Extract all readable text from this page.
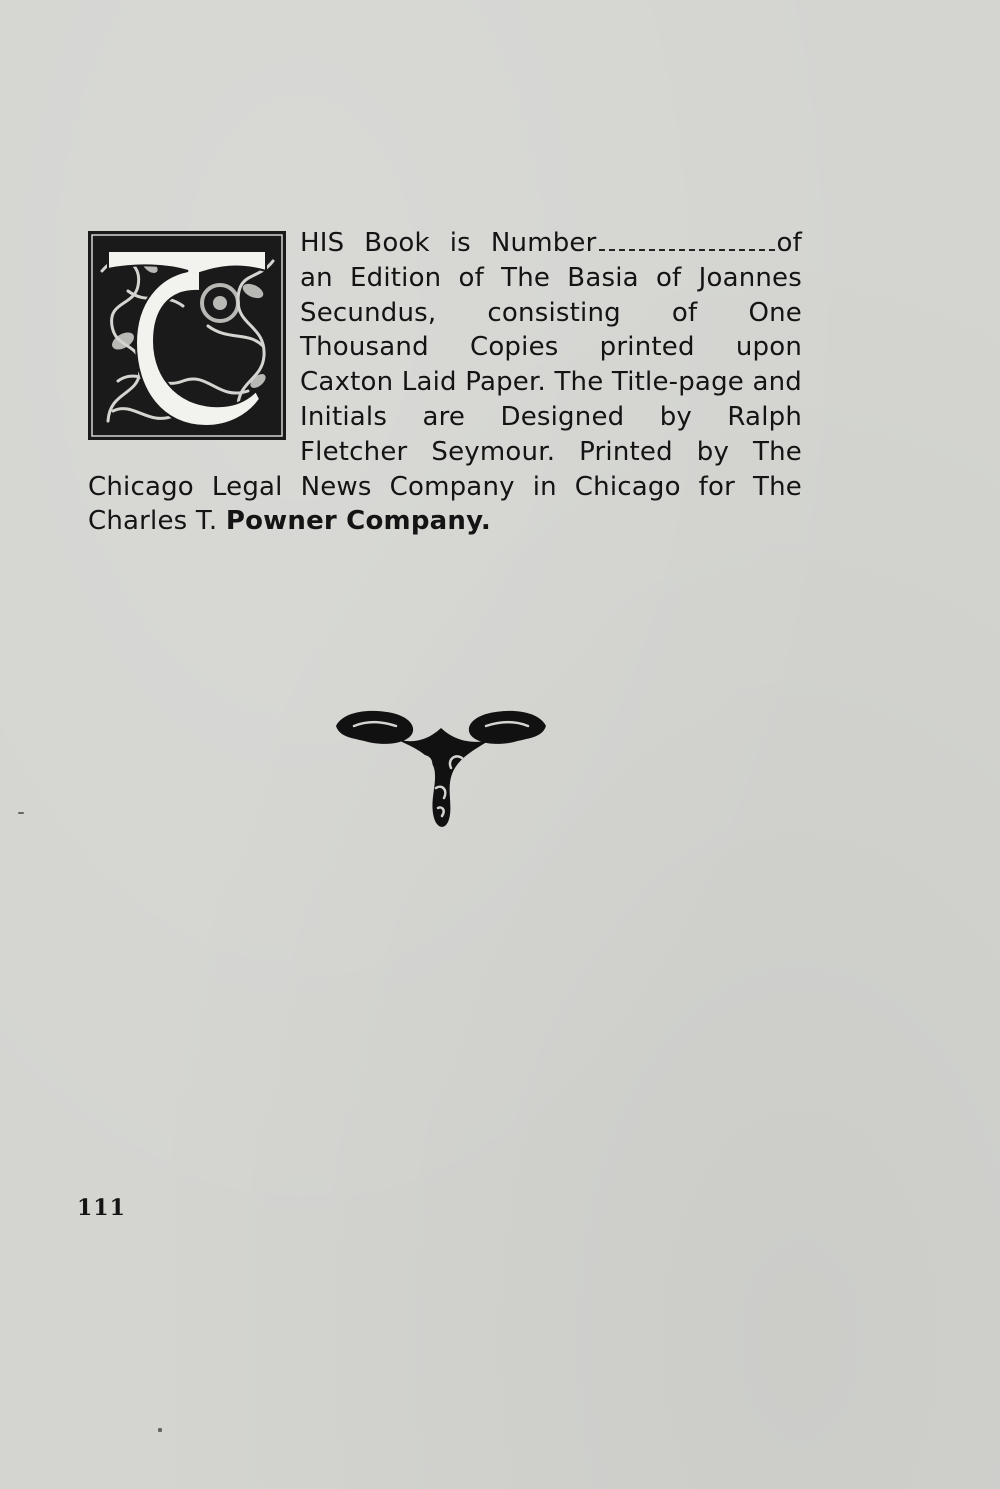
HIS Book is Number	of an Edition of The Basia of Joannes Secundus, consisting of One Thousand Copies printed upon Caxton Laid Paper. The Title-page and Initials are Designed by Ralph Fletcher Seymour. Printed by The Chicago Legal News Company in Chicago for The Charles T. Powner Company.

111
